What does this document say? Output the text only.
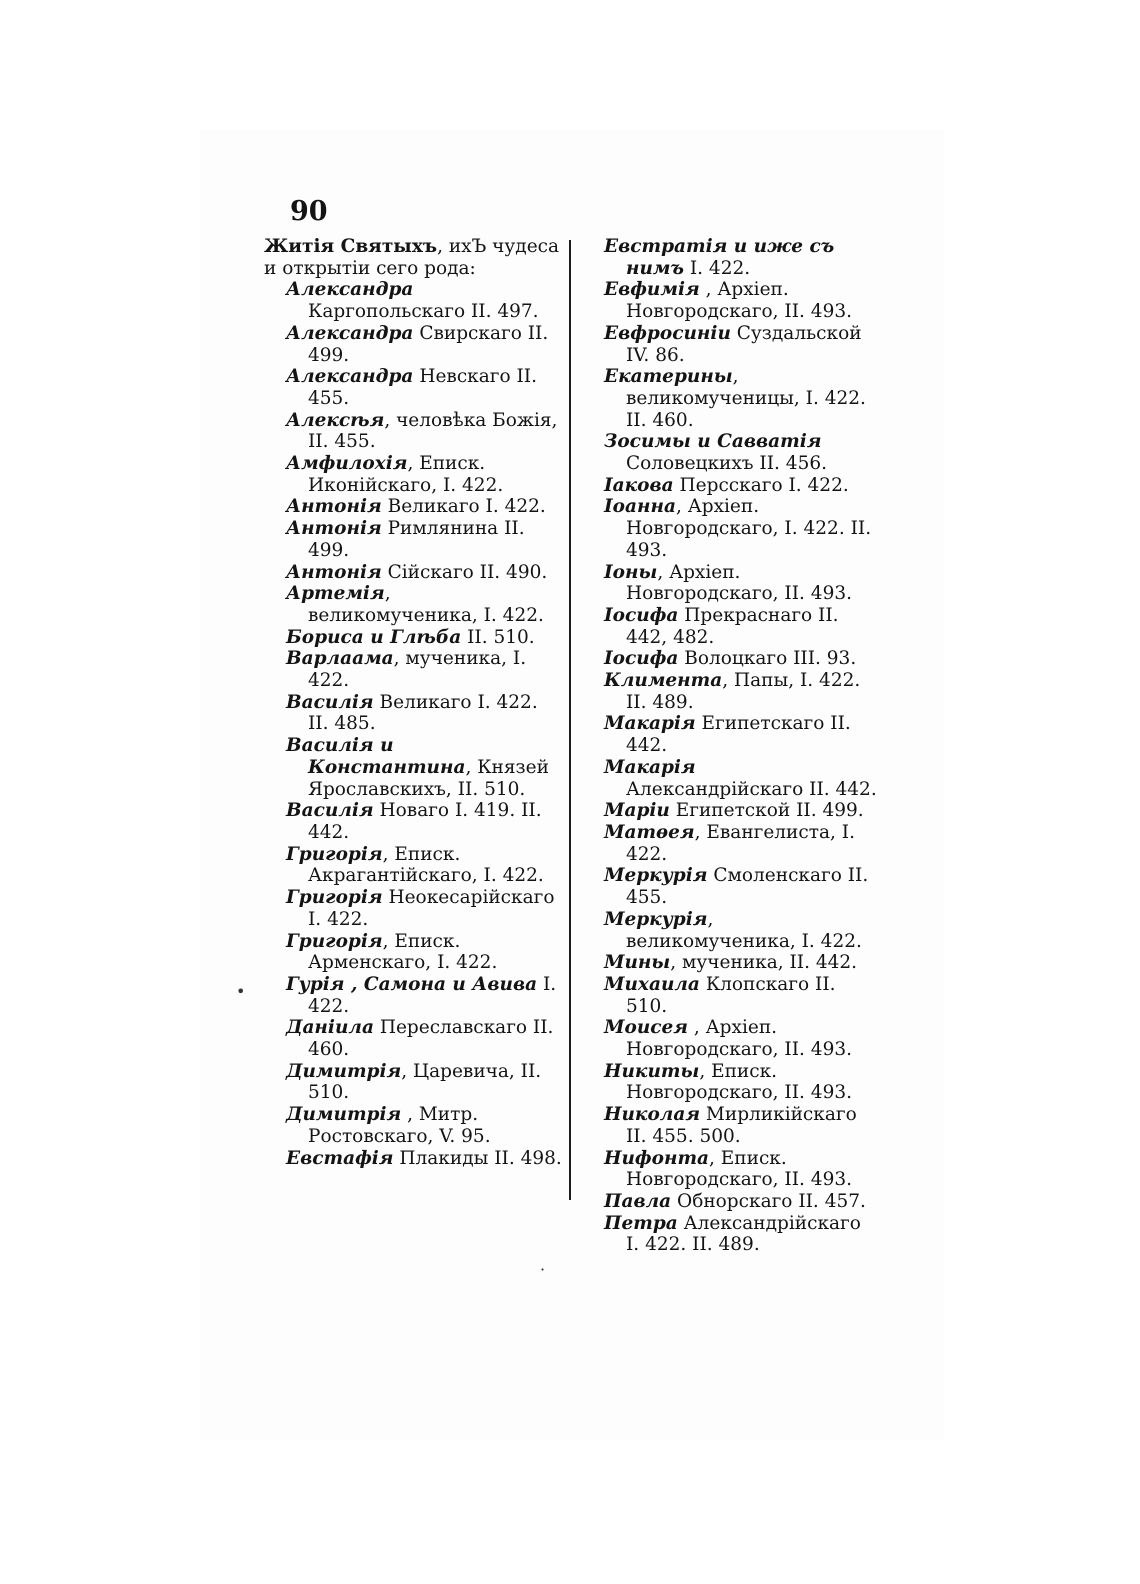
90
Житія Святыхъ, ихЪ чудеса и открытiи сего рода:
Александра Каргопольскаго II. 497.
Александра Свирскаго II. 499.
Александра Невскаго II. 455.
Алексѣя, человѣка Божія, II. 455.
Амфилохія, Еписк. Иконійскаго, I. 422.
Антонія Великаго I. 422.
Антонія Римлянина II. 499.
Антонія Сійскаго II. 490.
Артемія, великомученика, I. 422.
Бориса и Глѣба II. 510.
Варлаама, мученика, I. 422.
Василія Великаго I. 422. II. 485.
Василія и Константина, Князей Ярославскихъ, II. 510.
Василія Новаго I. 419. II. 442.
Григорія, Еписк. Акрагантійскаго, I. 422.
Григорія Неокесарійскаго I. 422.
Григорія, Еписк. Арменскаго, I. 422.
Гурія , Самона и Авива I. 422.
Даніила Переславскаго II. 460.
Димитрія, Царевича, II. 510.
Димитрія , Митр. Ростовскаго, V. 95.
Евстафія Плакиды II. 498.
Евстратія и иже съ нимъ I. 422.
Евфимія , Архіеп. Новгородскаго, II. 493.
Евфросиніи Суздальской IV. 86.
Екатерины, великомученицы, I. 422. II. 460.
Зосимы и Савватія Соловецкихъ II. 456.
Іакова Персскаго I. 422.
Іоанна, Архіеп. Новгородскаго, I. 422. II. 493.
Іоны, Архіеп. Новгородскаго, II. 493.
Іосифа Прекраснаго II. 442, 482.
Іосифа Волоцкаго III. 93.
Климента, Папы, I. 422. II. 489.
Макарія Египетскаго II. 442.
Макарія Александрійскаго II. 442.
Маріи Египетской II. 499.
Матѳея, Евангелиста, I. 422.
Меркурія Смоленскаго II. 455.
Меркурія, великомученика, I. 422.
Мины, мученика, II. 442.
Михаила Клопскаго II. 510.
Моисея , Архіеп. Новгородскаго, II. 493.
Никиты, Еписк. Новгородскаго, II. 493.
Николая Мирликійскаго II. 455. 500.
Нифонта, Еписк. Новгородскаго, II. 493.
Павла Обнорскаго II. 457.
Петра Александрійскаго I. 422. II. 489.
•
·
